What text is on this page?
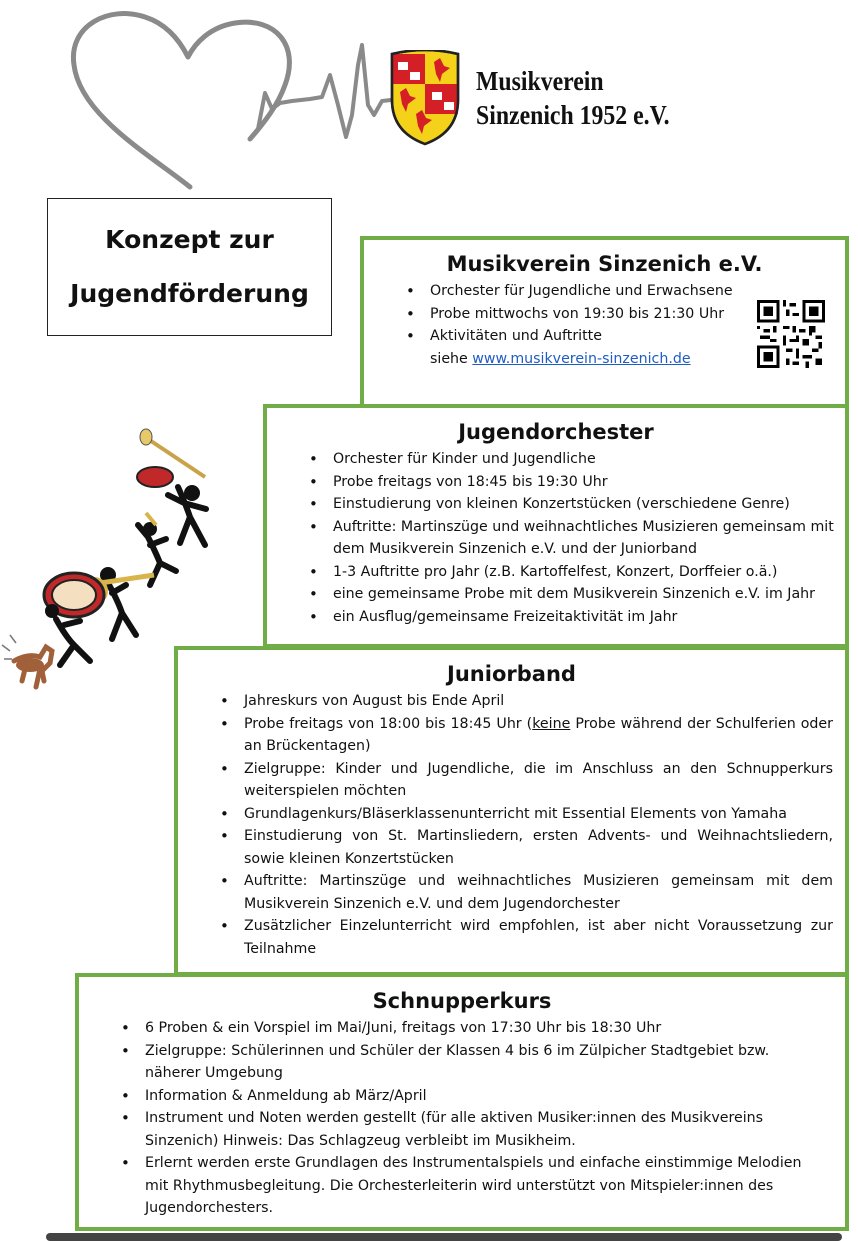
Musikverein
Sinzenich 1952 e.V.
Konzept zur
Jugendförderung
Musikverein Sinzenich e.V.
• Orchester für Jugendliche und Erwachsene
• Probe mittwochs von 19:30 bis 21:30 Uhr
• Aktivitäten und Auftritte
siehe www.musikverein-sinzenich.de
Jugendorchester
• Orchester für Kinder und Jugendliche
• Probe freitags von 18:45 bis 19:30 Uhr
• Einstudierung von kleinen Konzertstücken (verschiedene Genre)
• Auftritte: Martinszüge und weihnachtliches Musizieren gemeinsam mit dem Musikverein Sinzenich e.V. und der Juniorband
• 1-3 Auftritte pro Jahr (z.B. Kartoffelfest, Konzert, Dorffeier o.ä.)
• eine gemeinsame Probe mit dem Musikverein Sinzenich e.V. im Jahr
• ein Ausflug/gemeinsame Freizeitaktivität im Jahr
Juniorband
• Jahreskurs von August bis Ende April
• Probe freitags von 18:00 bis 18:45 Uhr (keine Probe während der Schulferien oder an Brückentagen)
• Zielgruppe: Kinder und Jugendliche, die im Anschluss an den Schnupperkurs weiterspielen möchten
• Grundlagenkurs/Bläserklassenunterricht mit Essential Elements von Yamaha
• Einstudierung von St. Martinsliedern, ersten Advents- und Weihnachtsliedern, sowie kleinen Konzertstücken
• Auftritte: Martinszüge und weihnachtliches Musizieren gemeinsam mit dem Musikverein Sinzenich e.V. und dem Jugendorchester
• Zusätzlicher Einzelunterricht wird empfohlen, ist aber nicht Voraussetzung zur Teilnahme
Schnupperkurs
• 6 Proben & ein Vorspiel im Mai/Juni, freitags von 17:30 Uhr bis 18:30 Uhr
• Zielgruppe: Schülerinnen und Schüler der Klassen 4 bis 6 im Zülpicher Stadtgebiet bzw. näherer Umgebung
• Information & Anmeldung ab März/April
• Instrument und Noten werden gestellt (für alle aktiven Musiker:innen des Musikvereins Sinzenich) Hinweis: Das Schlagzeug verbleibt im Musikheim.
• Erlernt werden erste Grundlagen des Instrumentalspiels und einfache einstimmige Melodien mit Rhythmusbegleitung. Die Orchesterleiterin wird unterstützt von Mitspieler:innen des Jugendorchesters.
